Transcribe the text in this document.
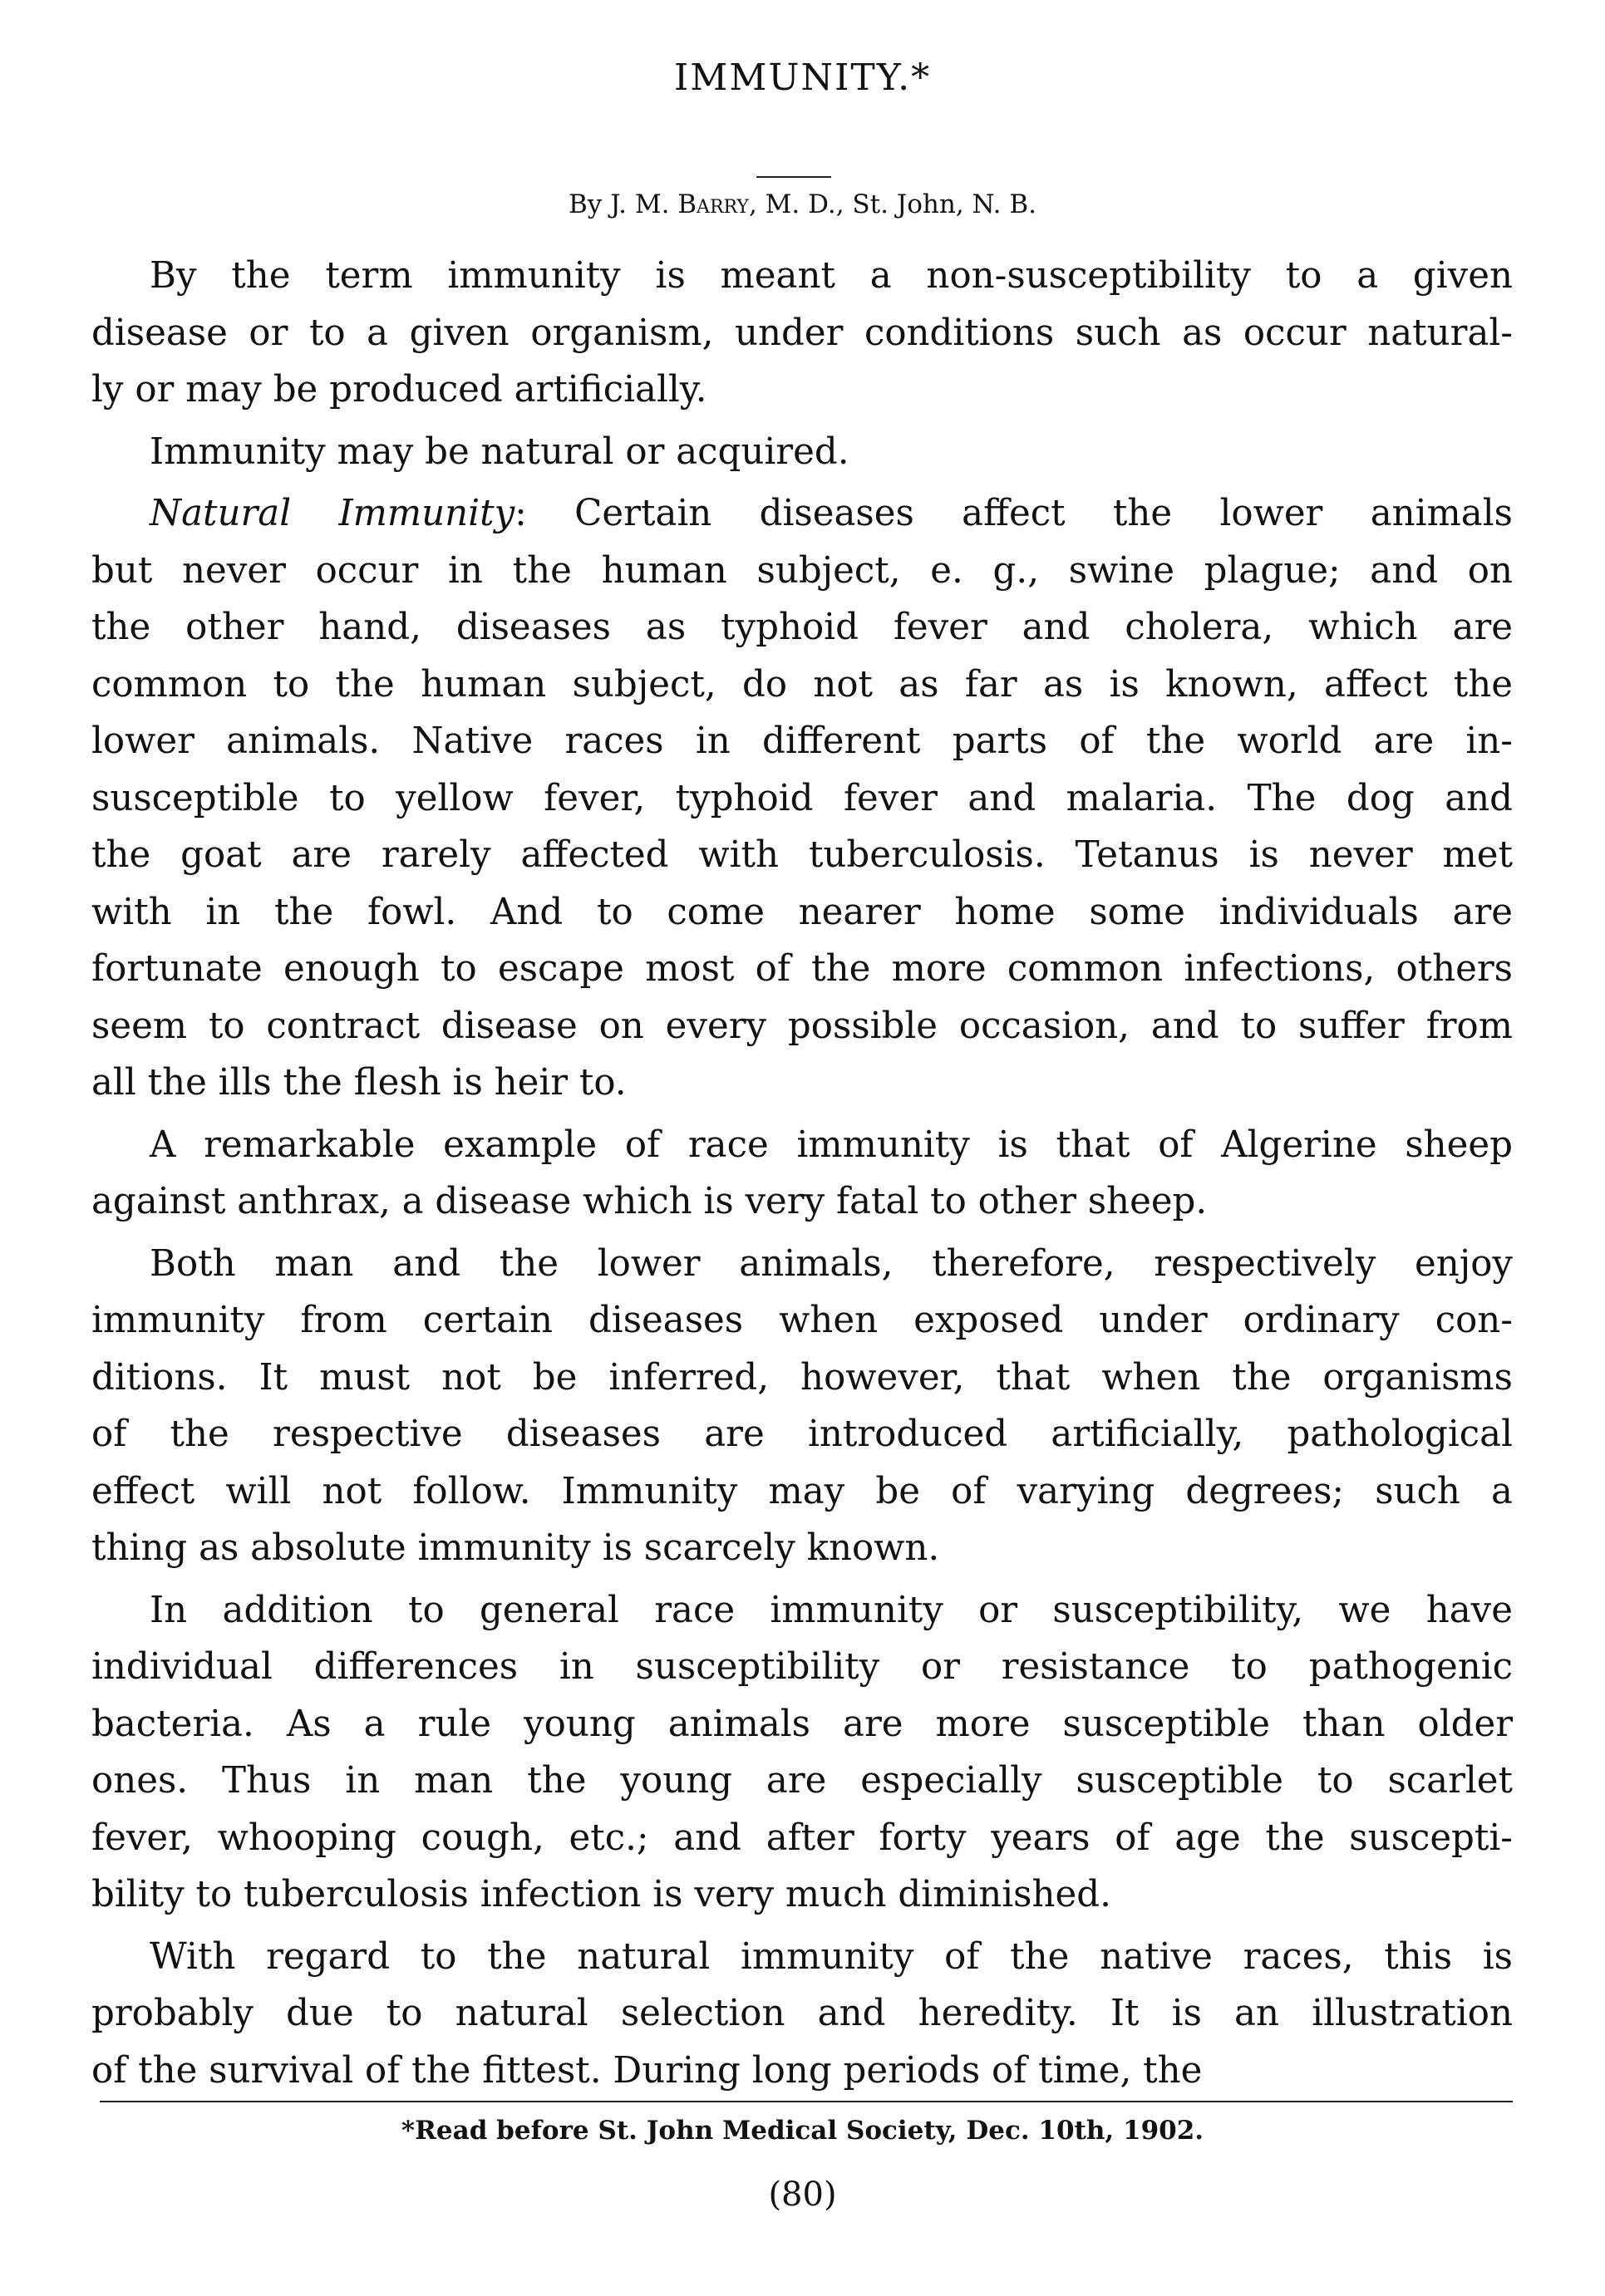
IMMUNITY.*
By J. M. Barry, M. D., St. John, N. B.
By the term immunity is meant a non-susceptibility to a given
disease or to a given organism, under conditions such as occur natural-
ly or may be produced artificially.
Immunity may be natural or acquired.
Natural Immunity: Certain diseases affect the lower animals
but never occur in the human subject, e. g., swine plague; and on
the other hand, diseases as typhoid fever and cholera, which are
common to the human subject, do not as far as is known, affect the
lower animals. Native races in different parts of the world are in-
susceptible to yellow fever, typhoid fever and malaria. The dog and
the goat are rarely affected with tuberculosis. Tetanus is never met
with in the fowl. And to come nearer home some individuals are
fortunate enough to escape most of the more common infections, others
seem to contract disease on every possible occasion, and to suffer from
all the ills the flesh is heir to.
A remarkable example of race immunity is that of Algerine sheep
against anthrax, a disease which is very fatal to other sheep.
Both man and the lower animals, therefore, respectively enjoy
immunity from certain diseases when exposed under ordinary con-
ditions. It must not be inferred, however, that when the organisms
of the respective diseases are introduced artificially, pathological
effect will not follow. Immunity may be of varying degrees; such a
thing as absolute immunity is scarcely known.
In addition to general race immunity or susceptibility, we have
individual differences in susceptibility or resistance to pathogenic
bacteria. As a rule young animals are more susceptible than older
ones. Thus in man the young are especially susceptible to scarlet
fever, whooping cough, etc.; and after forty years of age the suscepti-
bility to tuberculosis infection is very much diminished.
With regard to the natural immunity of the native races, this is
probably due to natural selection and heredity. It is an illustration
of the survival of the fittest. During long periods of time, the
*Read before St. John Medical Society, Dec. 10th, 1902.
(80)
